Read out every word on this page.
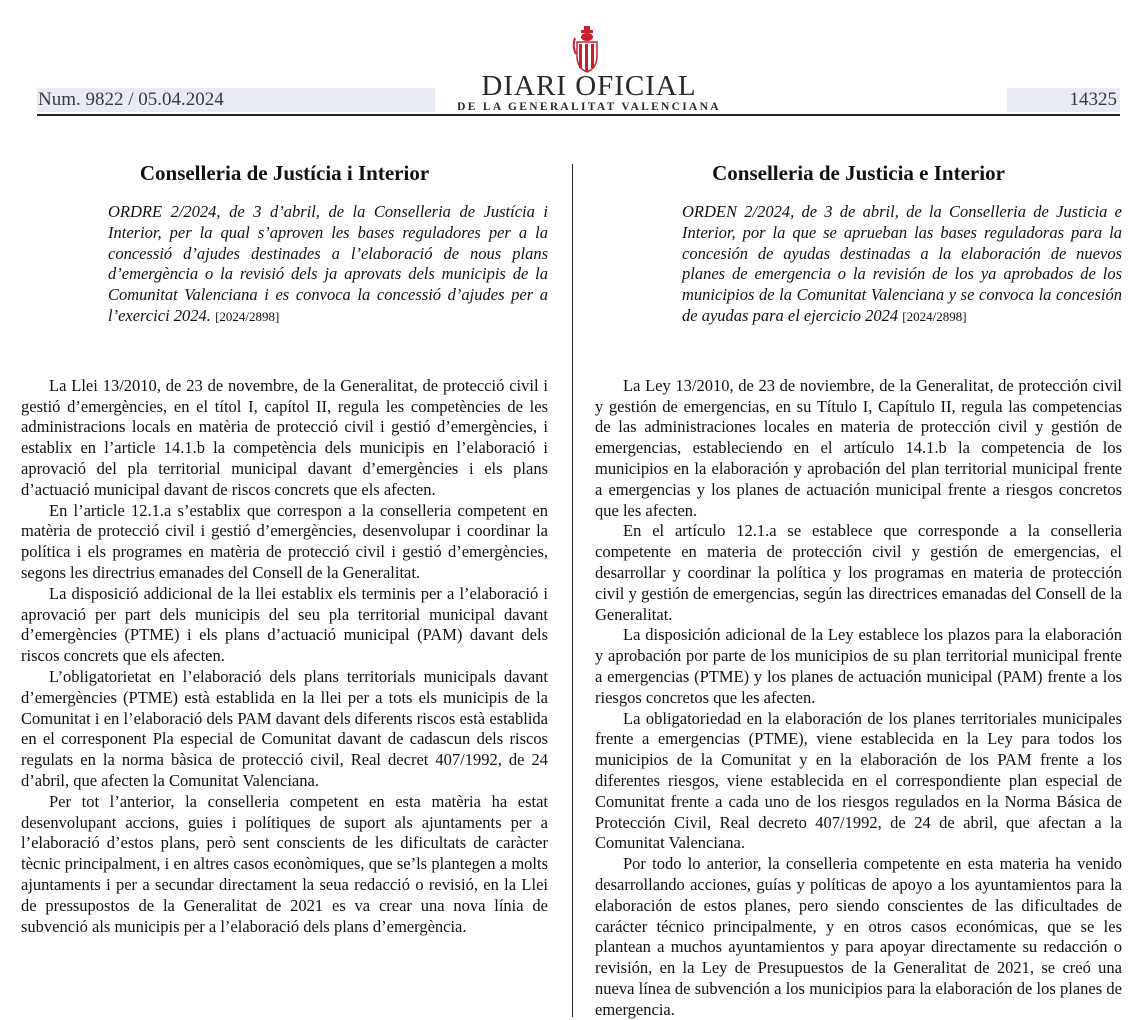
Num. 9822 / 05.04.2024	14325
DIARI OFICIAL
DE LA GENERALITAT VALENCIANA
Conselleria de Justícia i Interior
ORDRE 2/2024, de 3 d’abril, de la Conselleria de Justícia i Interior, per la qual s’aproven les bases reguladores per a la concessió d’ajudes destinades a l’elaboració de nous plans d’emergència o la revisió dels ja aprovats dels municipis de la Comunitat Valenciana i es convoca la concessió d’ajudes per a l’exercici 2024. [2024/2898]

La Llei 13/2010, de 23 de novembre, de la Generalitat, de protecció civil i gestió d’emergències, en el títol I, capítol II, regula les competències de les administracions locals en matèria de protecció civil i gestió d’emergències, i establix en l’article 14.1.b la competència dels municipis en l’elaboració i aprovació del pla territorial municipal davant d’emergències i els plans d’actuació municipal davant de riscos concrets que els afecten.

En l’article 12.1.a s’establix que correspon a la conselleria competent en matèria de protecció civil i gestió d’emergències, desenvolupar i coordinar la política i els programes en matèria de protecció civil i gestió d’emergències, segons les directrius emanades del Consell de la Generalitat.

La disposició addicional de la llei establix els terminis per a l’elaboració i aprovació per part dels municipis del seu pla territorial municipal davant d’emergències (PTME) i els plans d’actuació municipal (PAM) davant dels riscos concrets que els afecten.

L’obligatorietat en l’elaboració dels plans territorials municipals davant d’emergències (PTME) està establida en la llei per a tots els municipis de la Comunitat i en l’elaboració dels PAM davant dels diferents riscos està establida en el corresponent Pla especial de Comunitat davant de cadascun dels riscos regulats en la norma bàsica de protecció civil, Real decret 407/1992, de 24 d’abril, que afecten la Comunitat Valenciana.

Per tot l’anterior, la conselleria competent en esta matèria ha estat desenvolupant accions, guies i polítiques de suport als ajuntaments per a l’elaboració d’estos plans, però sent conscients de les dificultats de caràcter tècnic principalment, i en altres casos econòmiques, que se’ls plantegen a molts ajuntaments i per a secundar directament la seua redacció o revisió, en la Llei de pressupostos de la Generalitat de 2021 es va crear una nova línia de subvenció als municipis per a l’elaboració dels plans d’emergència.

Conselleria de Justicia e Interior
ORDEN 2/2024, de 3 de abril, de la Conselleria de Justicia e Interior, por la que se aprueban las bases reguladoras para la concesión de ayudas destinadas a la elaboración de nuevos planes de emergencia o la revisión de los ya aprobados de los municipios de la Comunitat Valenciana y se convoca la concesión de ayudas para el ejercicio 2024 [2024/2898]

La Ley 13/2010, de 23 de noviembre, de la Generalitat, de protección civil y gestión de emergencias, en su Título I, Capítulo II, regula las competencias de las administraciones locales en materia de protección civil y gestión de emergencias, estableciendo en el artículo 14.1.b la competencia de los municipios en la elaboración y aprobación del plan territorial municipal frente a emergencias y los planes de actuación municipal frente a riesgos concretos que les afecten.

En el artículo 12.1.a se establece que corresponde a la conselleria competente en materia de protección civil y gestión de emergencias, el desarrollar y coordinar la política y los programas en materia de protección civil y gestión de emergencias, según las directrices emanadas del Consell de la Generalitat.

La disposición adicional de la Ley establece los plazos para la elaboración y aprobación por parte de los municipios de su plan territorial municipal frente a emergencias (PTME) y los planes de actuación municipal (PAM) frente a los riesgos concretos que les afecten.

La obligatoriedad en la elaboración de los planes territoriales municipales frente a emergencias (PTME), viene establecida en la Ley para todos los municipios de la Comunitat y en la elaboración de los PAM frente a los diferentes riesgos, viene establecida en el correspondiente plan especial de Comunitat frente a cada uno de los riesgos regulados en la Norma Básica de Protección Civil, Real decreto 407/1992, de 24 de abril, que afectan a la Comunitat Valenciana.

Por todo lo anterior, la conselleria competente en esta materia ha venido desarrollando acciones, guías y políticas de apoyo a los ayuntamientos para la elaboración de estos planes, pero siendo conscientes de las dificultades de carácter técnico principalmente, y en otros casos económicas, que se les plantean a muchos ayuntamientos y para apoyar directamente su redacción o revisión, en la Ley de Presupuestos de la Generalitat de 2021, se creó una nueva línea de subvención a los municipios para la elaboración de los planes de emergencia.
